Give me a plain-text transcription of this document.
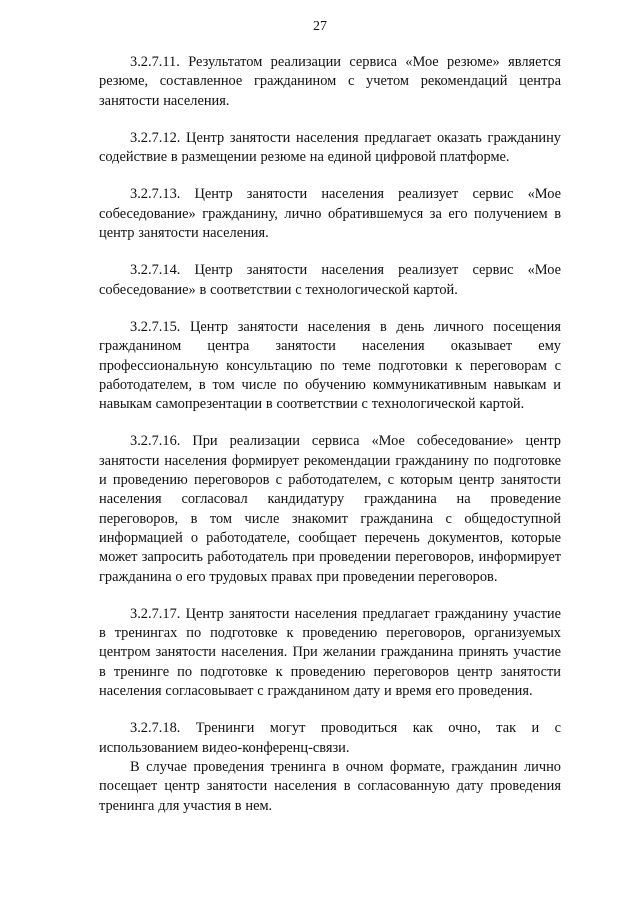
27

3.2.7.11. Результатом реализации сервиса «Мое резюме» является резюме, составленное гражданином с учетом рекомендаций центра занятости населения.

3.2.7.12. Центр занятости населения предлагает оказать гражданину содействие в размещении резюме на единой цифровой платформе.

3.2.7.13. Центр занятости населения реализует сервис «Мое собеседование» гражданину, лично обратившемуся за его получением в центр занятости населения.

3.2.7.14. Центр занятости населения реализует сервис «Мое собеседование» в соответствии с технологической картой.

3.2.7.15. Центр занятости населения в день личного посещения гражданином центра занятости населения оказывает ему профессиональную консультацию по теме подготовки к переговорам с работодателем, в том числе по обучению коммуникативным навыкам и навыкам самопрезентации в соответствии с технологической картой.

3.2.7.16. При реализации сервиса «Мое собеседование» центр занятости населения формирует рекомендации гражданину по подготовке и проведению переговоров с работодателем, с которым центр занятости населения согласовал кандидатуру гражданина на проведение переговоров, в том числе знакомит гражданина с общедоступной информацией о работодателе, сообщает перечень документов, которые может запросить работодатель при проведении переговоров, информирует гражданина о его трудовых правах при проведении переговоров.

3.2.7.17. Центр занятости населения предлагает гражданину участие в тренингах по подготовке к проведению переговоров, организуемых центром занятости населения. При желании гражданина принять участие в тренинге по подготовке к проведению переговоров центр занятости населения согласовывает с гражданином дату и время его проведения.

3.2.7.18. Тренинги могут проводиться как очно, так и с использованием видео-конференц-связи.

В случае проведения тренинга в очном формате, гражданин лично посещает центр занятости населения в согласованную дату проведения тренинга для участия в нем.
